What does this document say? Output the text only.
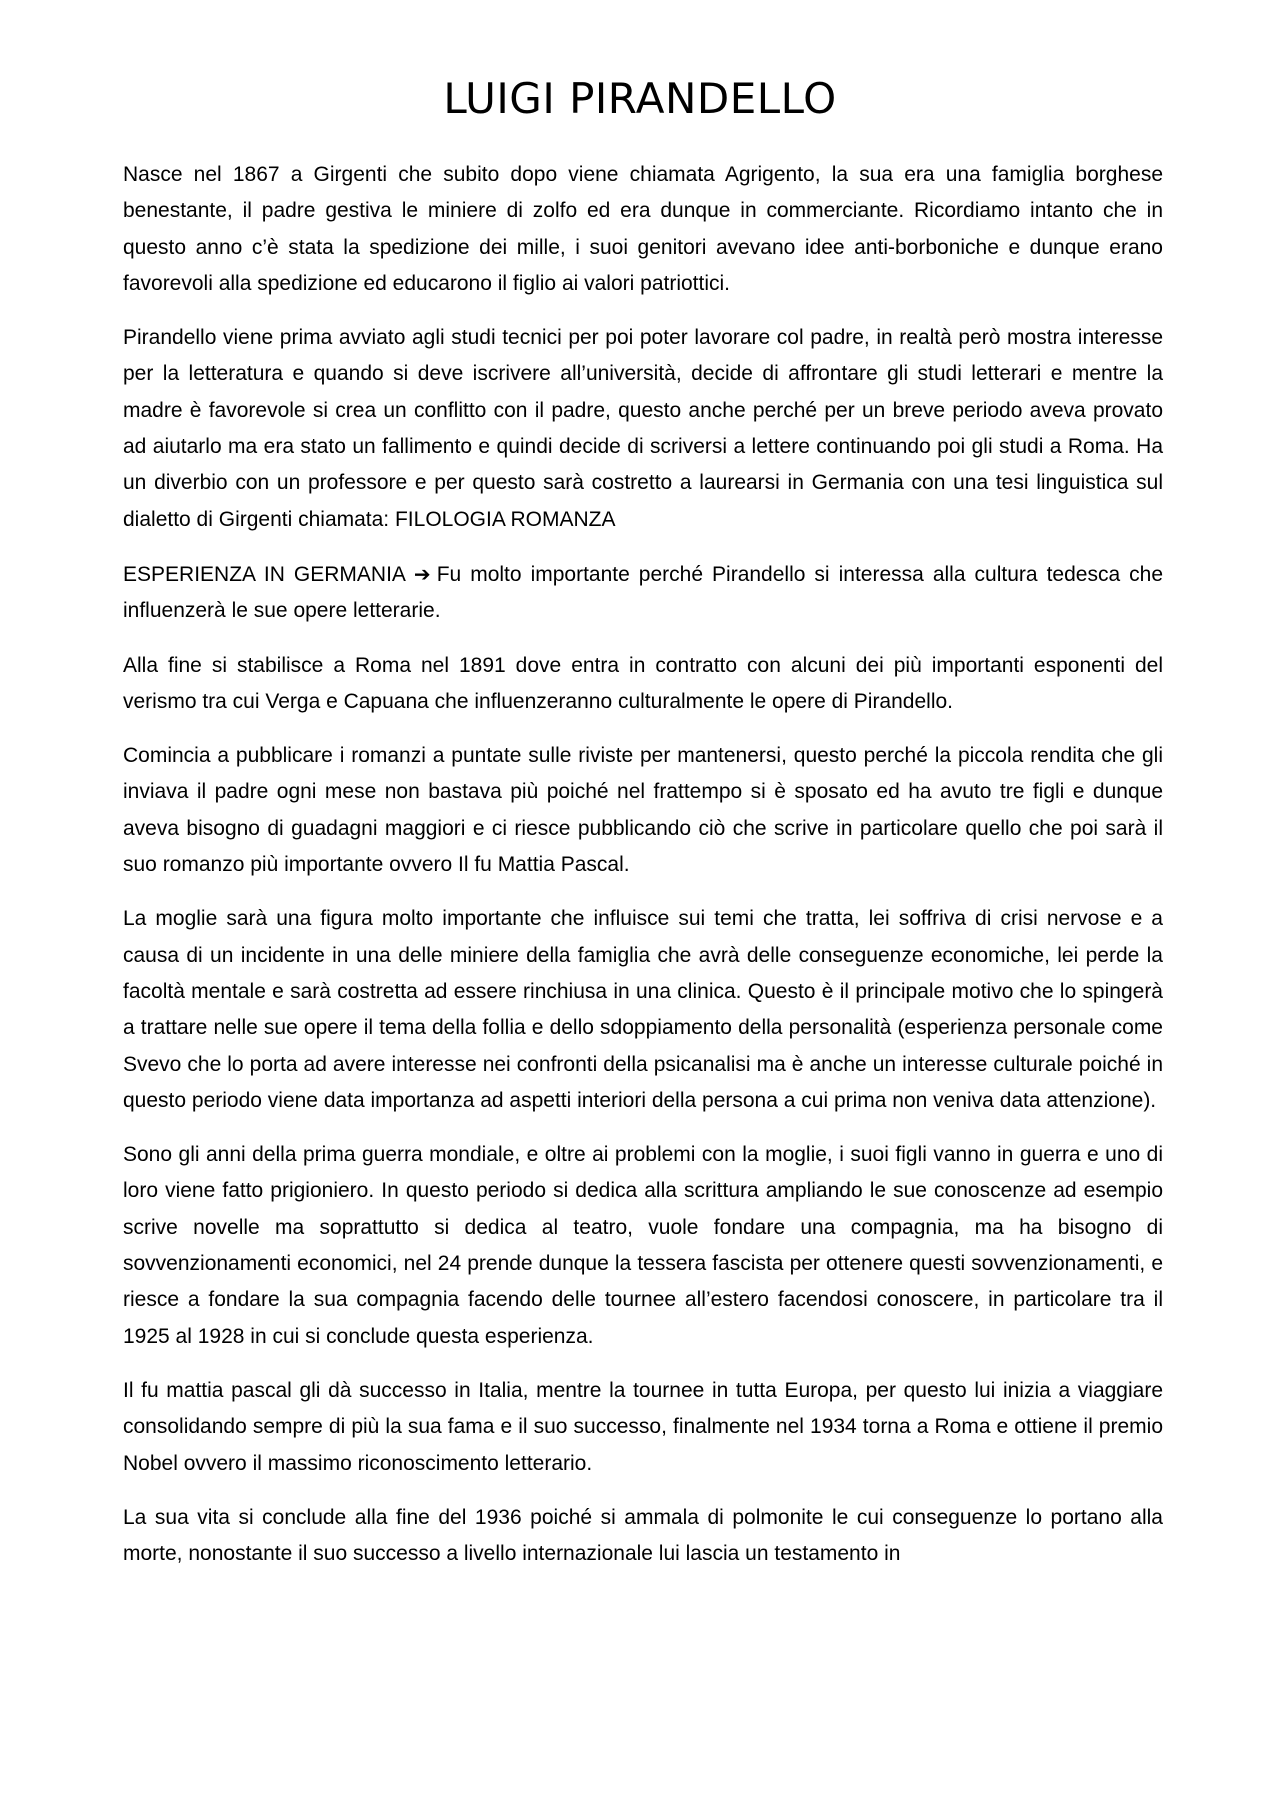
LUIGI PIRANDELLO

Nasce nel 1867 a Girgenti che subito dopo viene chiamata Agrigento, la sua era una famiglia borghese benestante, il padre gestiva le miniere di zolfo ed era dunque in commerciante. Ricordiamo intanto che in questo anno c’è stata la spedizione dei mille, i suoi genitori avevano idee anti-borboniche e dunque erano favorevoli alla spedizione ed educarono il figlio ai valori patriottici.

Pirandello viene prima avviato agli studi tecnici per poi poter lavorare col padre, in realtà però mostra interesse per la letteratura e quando si deve iscrivere all’università, decide di affrontare gli studi letterari e mentre la madre è favorevole si crea un conflitto con il padre, questo anche perché per un breve periodo aveva provato ad aiutarlo ma era stato un fallimento e quindi decide di scriversi a lettere continuando poi gli studi a Roma. Ha un diverbio con un professore e per questo sarà costretto a laurearsi in Germania con una tesi linguistica sul dialetto di Girgenti chiamata: FILOLOGIA ROMANZA

ESPERIENZA IN GERMANIA ➔ Fu molto importante perché Pirandello si interessa alla cultura tedesca che influenzerà le sue opere letterarie.

Alla fine si stabilisce a Roma nel 1891 dove entra in contratto con alcuni dei più importanti esponenti del verismo tra cui Verga e Capuana che influenzeranno culturalmente le opere di Pirandello.

Comincia a pubblicare i romanzi a puntate sulle riviste per mantenersi, questo perché la piccola rendita che gli inviava il padre ogni mese non bastava più poiché nel frattempo si è sposato ed ha avuto tre figli e dunque aveva bisogno di guadagni maggiori e ci riesce pubblicando ciò che scrive in particolare quello che poi sarà il suo romanzo più importante ovvero Il fu Mattia Pascal.

La moglie sarà una figura molto importante che influisce sui temi che tratta, lei soffriva di crisi nervose e a causa di un incidente in una delle miniere della famiglia che avrà delle conseguenze economiche, lei perde la facoltà mentale e sarà costretta ad essere rinchiusa in una clinica. Questo è il principale motivo che lo spingerà a trattare nelle sue opere il tema della follia e dello sdoppiamento della personalità (esperienza personale come Svevo che lo porta ad avere interesse nei confronti della psicanalisi ma è anche un interesse culturale poiché in questo periodo viene data importanza ad aspetti interiori della persona a cui prima non veniva data attenzione).

Sono gli anni della prima guerra mondiale, e oltre ai problemi con la moglie, i suoi figli vanno in guerra e uno di loro viene fatto prigioniero. In questo periodo si dedica alla scrittura ampliando le sue conoscenze ad esempio scrive novelle ma soprattutto si dedica al teatro, vuole fondare una compagnia, ma ha bisogno di sovvenzionamenti economici, nel 24 prende dunque la tessera fascista per ottenere questi sovvenzionamenti, e riesce a fondare la sua compagnia facendo delle tournee all’estero facendosi conoscere, in particolare tra il 1925 al 1928 in cui si conclude questa esperienza.

Il fu mattia pascal gli dà successo in Italia, mentre la tournee in tutta Europa, per questo lui inizia a viaggiare consolidando sempre di più la sua fama e il suo successo, finalmente nel 1934 torna a Roma e ottiene il premio Nobel ovvero il massimo riconoscimento letterario.

La sua vita si conclude alla fine del 1936 poiché si ammala di polmonite le cui conseguenze lo portano alla morte, nonostante il suo successo a livello internazionale lui lascia un testamento in
